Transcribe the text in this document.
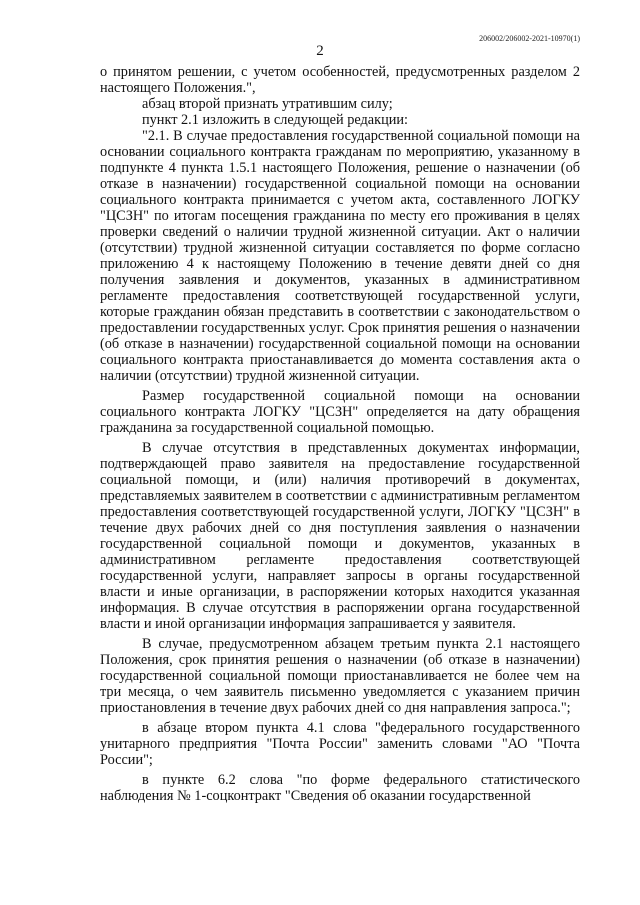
206002/206002-2021-10970(1)
2

о принятом решении, с учетом особенностей, предусмотренных разделом 2 настоящего Положения.",

абзац второй признать утратившим силу;

пункт 2.1 изложить в следующей редакции:

"2.1. В случае предоставления государственной социальной помощи на основании социального контракта гражданам по мероприятию, указанному в подпункте 4 пункта 1.5.1 настоящего Положения, решение о назначении (об отказе в назначении) государственной социальной помощи на основании социального контракта принимается с учетом акта, составленного ЛОГКУ "ЦСЗН" по итогам посещения гражданина по месту его проживания в целях проверки сведений о наличии трудной жизненной ситуации. Акт о наличии (отсутствии) трудной жизненной ситуации составляется по форме согласно приложению 4 к настоящему Положению в течение девяти дней со дня получения заявления и документов, указанных в административном регламенте предоставления соответствующей государственной услуги, которые гражданин обязан представить в соответствии с законодательством о предоставлении государственных услуг. Срок принятия решения о назначении (об отказе в назначении) государственной социальной помощи на основании социального контракта приостанавливается до момента составления акта о наличии (отсутствии) трудной жизненной ситуации.

Размер государственной социальной помощи на основании социального контракта ЛОГКУ "ЦСЗН" определяется на дату обращения гражданина за государственной социальной помощью.

В случае отсутствия в представленных документах информации, подтверждающей право заявителя на предоставление государственной социальной помощи, и (или) наличия противоречий в документах, представляемых заявителем в соответствии с административным регламентом предоставления соответствующей государственной услуги, ЛОГКУ "ЦСЗН" в течение двух рабочих дней со дня поступления заявления о назначении государственной социальной помощи и документов, указанных в административном регламенте предоставления соответствующей государственной услуги, направляет запросы в органы государственной власти и иные организации, в распоряжении которых находится указанная информация. В случае отсутствия в распоряжении органа государственной власти и иной организации информация запрашивается у заявителя.

В случае, предусмотренном абзацем третьим пункта 2.1 настоящего Положения, срок принятия решения о назначении (об отказе в назначении) государственной социальной помощи приостанавливается не более чем на три месяца, о чем заявитель письменно уведомляется с указанием причин приостановления в течение двух рабочих дней со дня направления запроса.";

в абзаце втором пункта 4.1 слова "федерального государственного унитарного предприятия "Почта России" заменить словами "АО "Почта России";

в пункте 6.2 слова "по форме федерального статистического наблюдения № 1-соцконтракт "Сведения об оказании государственной
